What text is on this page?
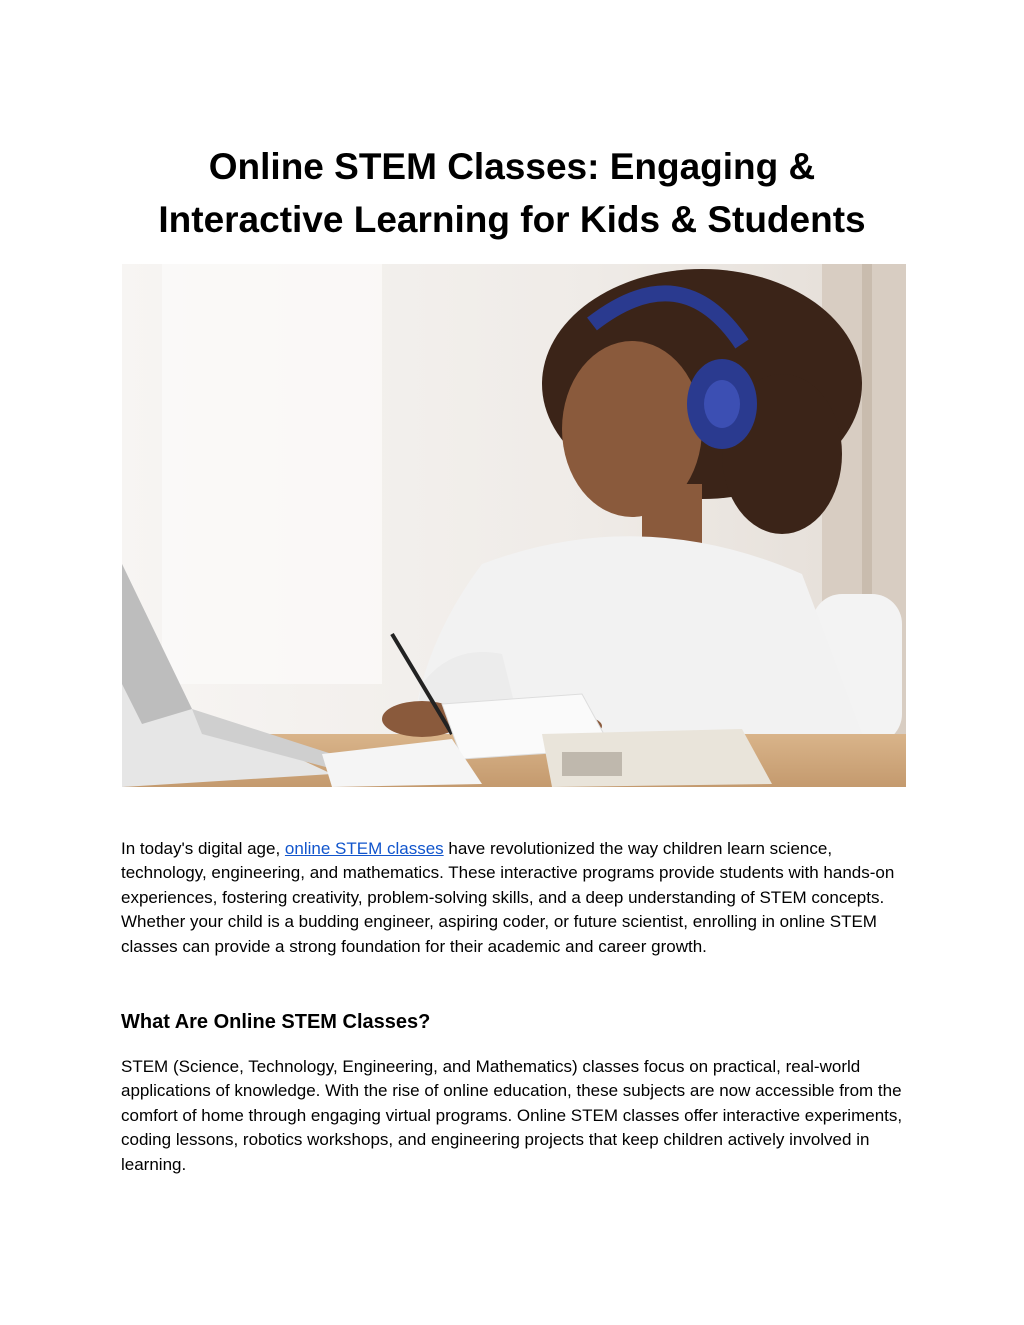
Online STEM Classes: Engaging &
Interactive Learning for Kids & Students

In today's digital age, online STEM classes have revolutionized the way children learn science, technology, engineering, and mathematics. These interactive programs provide students with hands-on experiences, fostering creativity, problem-solving skills, and a deep understanding of STEM concepts. Whether your child is a budding engineer, aspiring coder, or future scientist, enrolling in online STEM classes can provide a strong foundation for their academic and career growth.

What Are Online STEM Classes?

STEM (Science, Technology, Engineering, and Mathematics) classes focus on practical, real-world applications of knowledge. With the rise of online education, these subjects are now accessible from the comfort of home through engaging virtual programs. Online STEM classes offer interactive experiments, coding lessons, robotics workshops, and engineering projects that keep children actively involved in learning.
